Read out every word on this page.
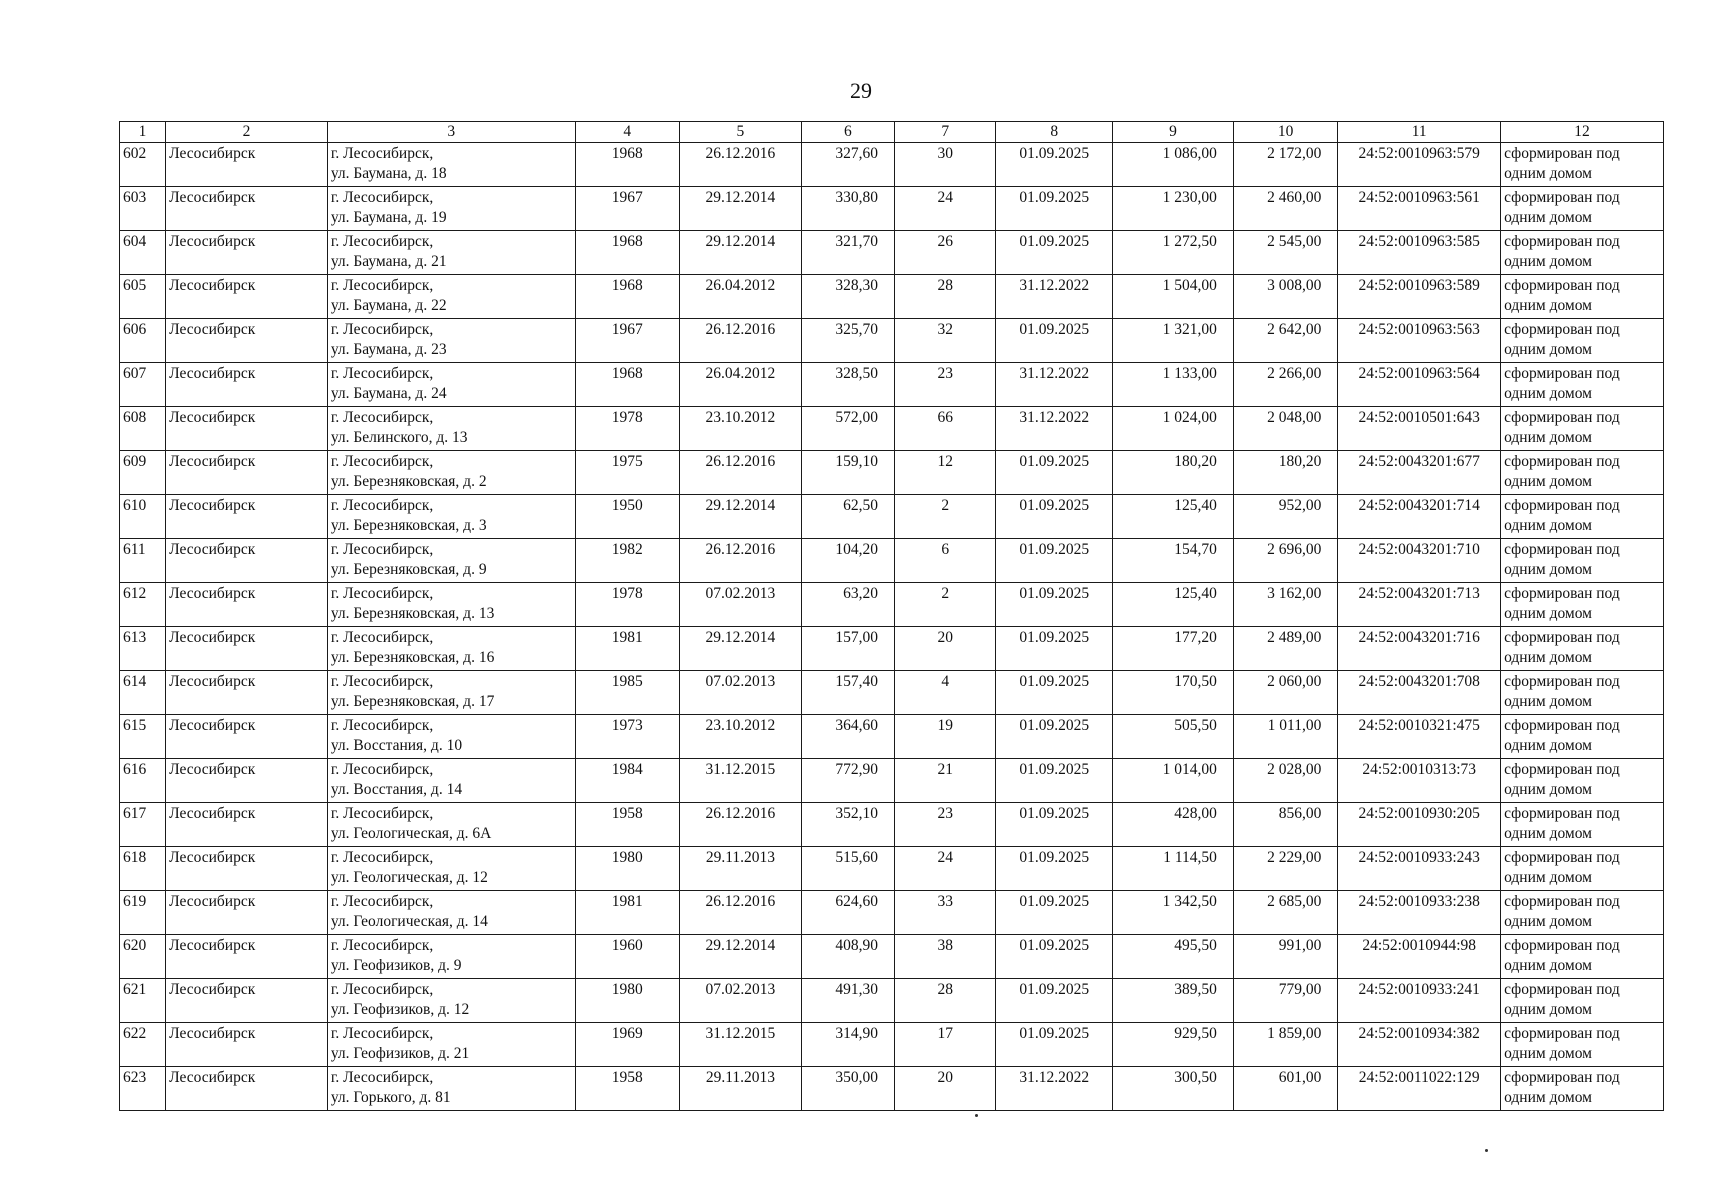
29
1	2	3	4	5	6	7	8	9	10	11	12
602	Лесосибирск	г. Лесосибирск,
ул. Баумана, д. 18	1968	26.12.2016	327,60	30	01.09.2025	1 086,00	2 172,00	24:52:0010963:579	сформирован под
одним домом

603	Лесосибирск	г. Лесосибирск,
ул. Баумана, д. 19	1967	29.12.2014	330,80	24	01.09.2025	1 230,00	2 460,00	24:52:0010963:561	сформирован под
одним домом

604	Лесосибирск	г. Лесосибирск,
ул. Баумана, д. 21	1968	29.12.2014	321,70	26	01.09.2025	1 272,50	2 545,00	24:52:0010963:585	сформирован под
одним домом

605	Лесосибирск	г. Лесосибирск,
ул. Баумана, д. 22	1968	26.04.2012	328,30	28	31.12.2022	1 504,00	3 008,00	24:52:0010963:589	сформирован под
одним домом

606	Лесосибирск	г. Лесосибирск,
ул. Баумана, д. 23	1967	26.12.2016	325,70	32	01.09.2025	1 321,00	2 642,00	24:52:0010963:563	сформирован под
одним домом

607	Лесосибирск	г. Лесосибирск,
ул. Баумана, д. 24	1968	26.04.2012	328,50	23	31.12.2022	1 133,00	2 266,00	24:52:0010963:564	сформирован под
одним домом

608	Лесосибирск	г. Лесосибирск,
ул. Белинского, д. 13	1978	23.10.2012	572,00	66	31.12.2022	1 024,00	2 048,00	24:52:0010501:643	сформирован под
одним домом

609	Лесосибирск	г. Лесосибирск,
ул. Березняковская, д. 2	1975	26.12.2016	159,10	12	01.09.2025	180,20	180,20	24:52:0043201:677	сформирован под
одним домом

610	Лесосибирск	г. Лесосибирск,
ул. Березняковская, д. 3	1950	29.12.2014	62,50	2	01.09.2025	125,40	952,00	24:52:0043201:714	сформирован под
одним домом

611	Лесосибирск	г. Лесосибирск,
ул. Березняковская, д. 9	1982	26.12.2016	104,20	6	01.09.2025	154,70	2 696,00	24:52:0043201:710	сформирован под
одним домом

612	Лесосибирск	г. Лесосибирск,
ул. Березняковская, д. 13	1978	07.02.2013	63,20	2	01.09.2025	125,40	3 162,00	24:52:0043201:713	сформирован под
одним домом

613	Лесосибирск	г. Лесосибирск,
ул. Березняковская, д. 16	1981	29.12.2014	157,00	20	01.09.2025	177,20	2 489,00	24:52:0043201:716	сформирован под
одним домом

614	Лесосибирск	г. Лесосибирск,
ул. Березняковская, д. 17	1985	07.02.2013	157,40	4	01.09.2025	170,50	2 060,00	24:52:0043201:708	сформирован под
одним домом

615	Лесосибирск	г. Лесосибирск,
ул. Восстания, д. 10	1973	23.10.2012	364,60	19	01.09.2025	505,50	1 011,00	24:52:0010321:475	сформирован под
одним домом

616	Лесосибирск	г. Лесосибирск,
ул. Восстания, д. 14	1984	31.12.2015	772,90	21	01.09.2025	1 014,00	2 028,00	24:52:0010313:73	сформирован под
одним домом

617	Лесосибирск	г. Лесосибирск,
ул. Геологическая, д. 6А	1958	26.12.2016	352,10	23	01.09.2025	428,00	856,00	24:52:0010930:205	сформирован под
одним домом

618	Лесосибирск	г. Лесосибирск,
ул. Геологическая, д. 12	1980	29.11.2013	515,60	24	01.09.2025	1 114,50	2 229,00	24:52:0010933:243	сформирован под
одним домом

619	Лесосибирск	г. Лесосибирск,
ул. Геологическая, д. 14	1981	26.12.2016	624,60	33	01.09.2025	1 342,50	2 685,00	24:52:0010933:238	сформирован под
одним домом

620	Лесосибирск	г. Лесосибирск,
ул. Геофизиков, д. 9	1960	29.12.2014	408,90	38	01.09.2025	495,50	991,00	24:52:0010944:98	сформирован под
одним домом

621	Лесосибирск	г. Лесосибирск,
ул. Геофизиков, д. 12	1980	07.02.2013	491,30	28	01.09.2025	389,50	779,00	24:52:0010933:241	сформирован под
одним домом

622	Лесосибирск	г. Лесосибирск,
ул. Геофизиков, д. 21	1969	31.12.2015	314,90	17	01.09.2025	929,50	1 859,00	24:52:0010934:382	сформирован под
одним домом

623	Лесосибирск	г. Лесосибирск,
ул. Горького, д. 81	1958	29.11.2013	350,00	20	31.12.2022	300,50	601,00	24:52:0011022:129	сформирован под
одним домом
